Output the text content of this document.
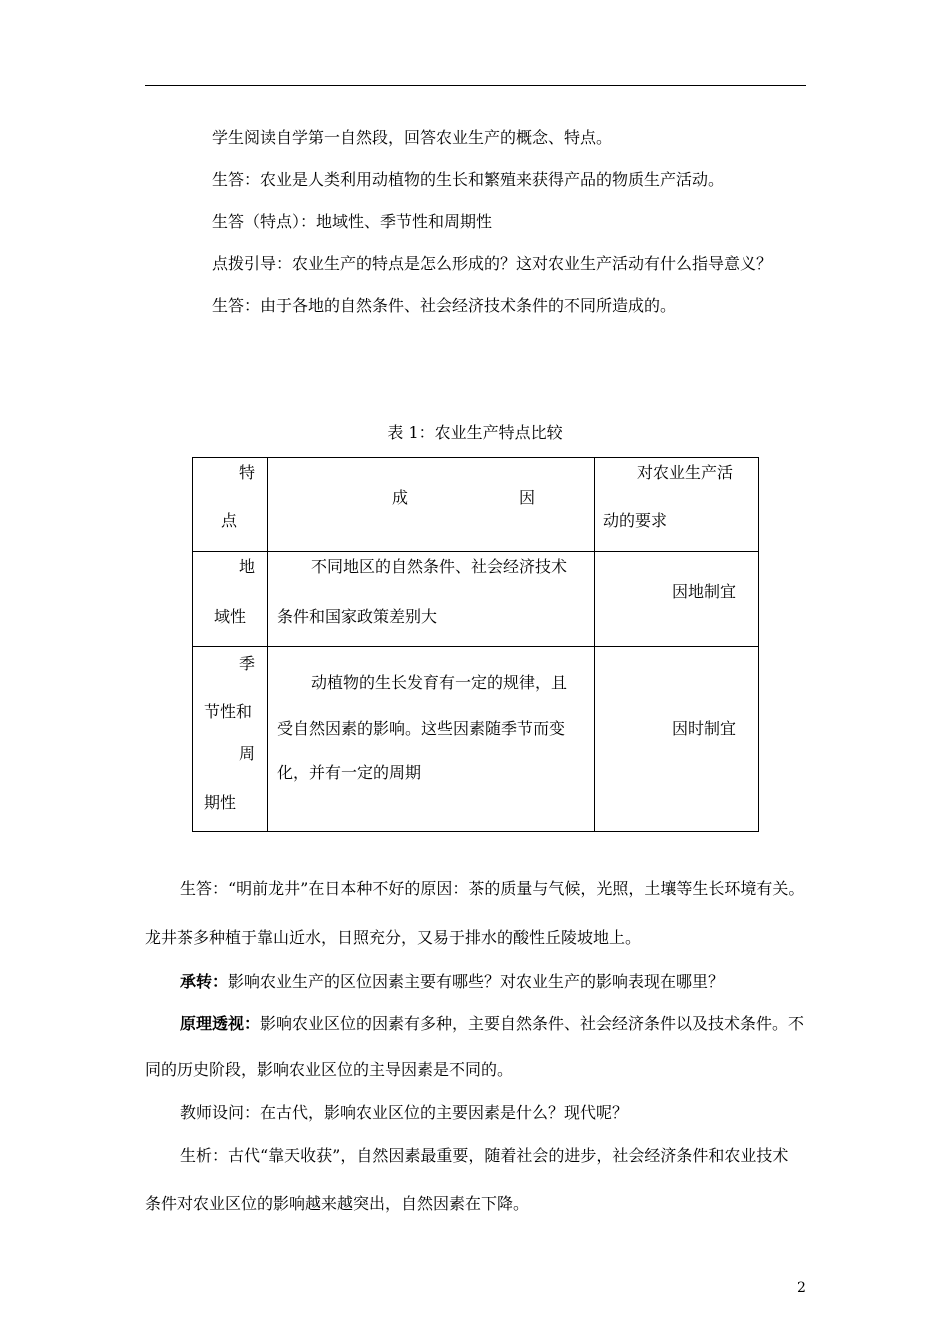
学生阅读自学第一自然段，回答农业生产的概念、特点。
生答：农业是人类利用动植物的生长和繁殖来获得产品的物质生产活动。
生答（特点）：地域性、季节性和周期性
点拨引导：农业生产的特点是怎么形成的？这对农业生产活动有什么指导意义？
生答：由于各地的自然条件、社会经济技术条件的不同所造成的。
表 1：农业生产特点比较
特
点	成 因	对农业生产活
动的要求

地
域性	不同地区的自然条件、社会经济技术
条件和国家政策差别大	因地制宜

季
节性和
周
期性	动植物的生长发育有一定的规律，且
受自然因素的影响。这些因素随季节而变
化，并有一定的周期	因时制宜
生答：“明前龙井”在日本种不好的原因：茶的质量与气候，光照，土壤等生长环境有关。
龙井茶多种植于靠山近水，日照充分，又易于排水的酸性丘陵坡地上。
承转：影响农业生产的区位因素主要有哪些？对农业生产的影响表现在哪里？
原理透视：影响农业区位的因素有多种，主要自然条件、社会经济条件以及技术条件。不
同的历史阶段，影响农业区位的主导因素是不同的。
教师设问：在古代，影响农业区位的主要因素是什么？现代呢？
生析：古代“靠天收获”，自然因素最重要，随着社会的进步，社会经济条件和农业技术
条件对农业区位的影响越来越突出，自然因素在下降。
2
